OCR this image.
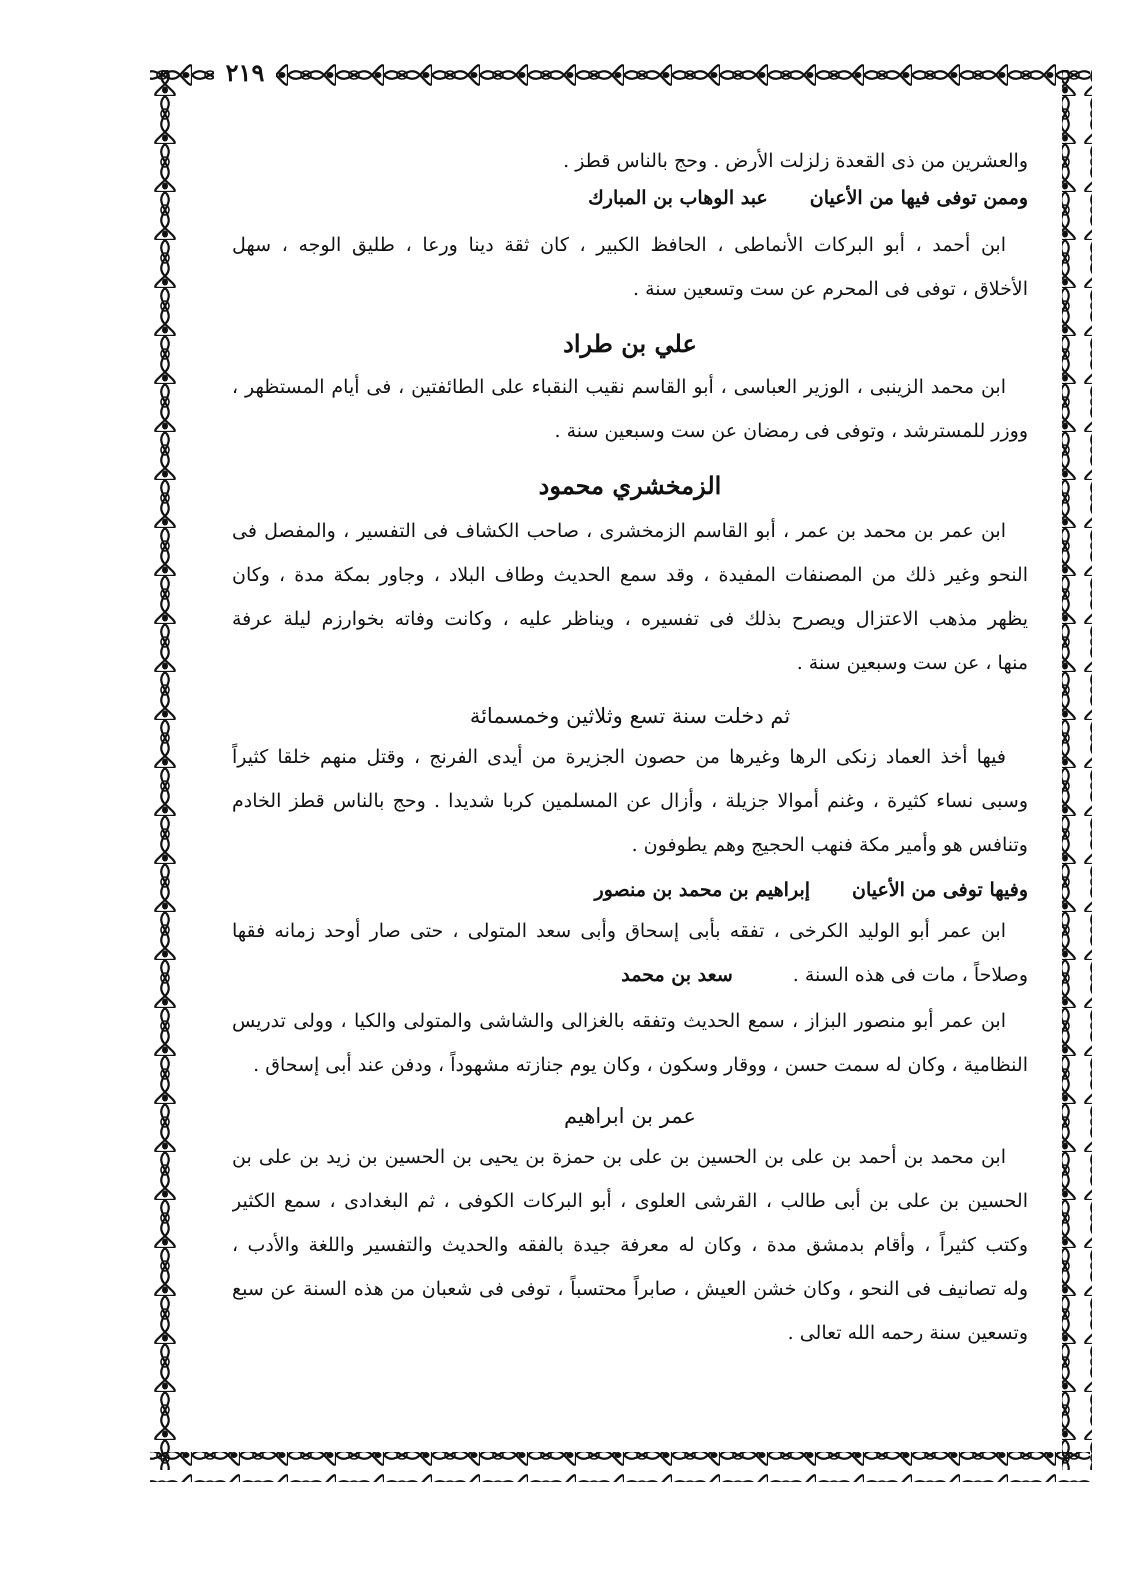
٢١٩
والعشرين من ذى القعدة زلزلت الأرض . وحج بالناس قطز .
وممن توفى فيها من الأعيانعبد الوهاب بن المبارك
ابن أحمد ، أبو البركات الأنماطى ، الحافظ الكبير ، كان ثقة دينا ورعا ، طليق الوجه ، سهل
الأخلاق ، توفى فى المحرم عن ست وتسعين سنة .
علي بن طراد
ابن محمد الزينبى ، الوزير العباسى ، أبو القاسم نقيب النقباء على الطائفتين ، فى أيام المستظهر ،
ووزر للمسترشد ، وتوفى فى رمضان عن ست وسبعين سنة .
الزمخشري محمود
ابن عمر بن محمد بن عمر ، أبو القاسم الزمخشرى ، صاحب الكشاف فى التفسير ، والمفصل فى
النحو وغير ذلك من المصنفات المفيدة ، وقد سمع الحديث وطاف البلاد ، وجاور بمكة مدة ، وكان
يظهر مذهب الاعتزال ويصرح بذلك فى تفسيره ، ويناظر عليه ، وكانت وفاته بخوارزم ليلة عرفة
منها ، عن ست وسبعين سنة .
ثم دخلت سنة تسع وثلاثين وخمسمائة
فيها أخذ العماد زنكى الرها وغيرها من حصون الجزيرة من أيدى الفرنج ، وقتل منهم خلقا كثيراً
وسبى نساء كثيرة ، وغنم أموالا جزيلة ، وأزال عن المسلمين كربا شديدا . وحج بالناس قطز الخادم
وتنافس هو وأمير مكة فنهب الحجيج وهم يطوفون .
وفيها توفى من الأعيانإبراهيم بن محمد بن منصور
ابن عمر أبو الوليد الكرخى ، تفقه بأبى إسحاق وأبى سعد المتولى ، حتى صار أوحد زمانه فقها
وصلاحاً ، مات فى هذه السنة .سعد بن محمد
ابن عمر أبو منصور البزاز ، سمع الحديث وتفقه بالغزالى والشاشى والمتولى والكيا ، وولى تدريس
النظامية ، وكان له سمت حسن ، ووقار وسكون ، وكان يوم جنازته مشهوداً ، ودفن عند أبى إسحاق .
عمر بن ابراهيم
ابن محمد بن أحمد بن على بن الحسين بن على بن حمزة بن يحيى بن الحسين بن زيد بن على بن
الحسين بن على بن أبى طالب ، القرشى العلوى ، أبو البركات الكوفى ، ثم البغدادى ، سمع الكثير
وكتب كثيراً ، وأقام بدمشق مدة ، وكان له معرفة جيدة بالفقه والحديث والتفسير واللغة والأدب ،
وله تصانيف فى النحو ، وكان خشن العيش ، صابراً محتسباً ، توفى فى شعبان من هذه السنة عن سبع
وتسعين سنة رحمه الله تعالى .
